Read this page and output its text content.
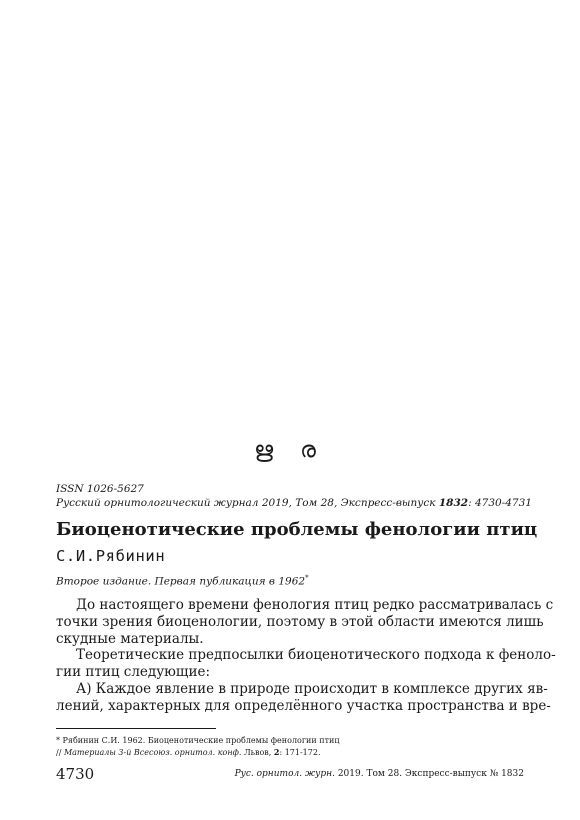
ഋ ര
ISSN 1026-5627
Русский орнитологический журнал 2019, Том 28, Экспресс-выпуск 1832: 4730-4731
Биоценотические проблемы фенологии птиц
С.И.Рябинин
Второе издание. Первая публикация в 1962*

До настоящего времени фенология птиц редко рассматривалась с
точки зрения биоценологии, поэтому в этой области имеются лишь
скудные материалы.

Теоретические предпосылки биоценотического подхода к феноло-
гии птиц следующие:

А) Каждое явление в природе происходит в комплексе других яв-
лений, характерных для определённого участка пространства и вре-

* Рябинин С.И. 1962. Биоценотические проблемы фенологии птиц
// Материалы 3-й Всесоюз. орнитол. конф. Львов, 2: 171-172.
4730	Рус. орнитол. журн. 2019. Том 28. Экспресс-выпуск № 1832
